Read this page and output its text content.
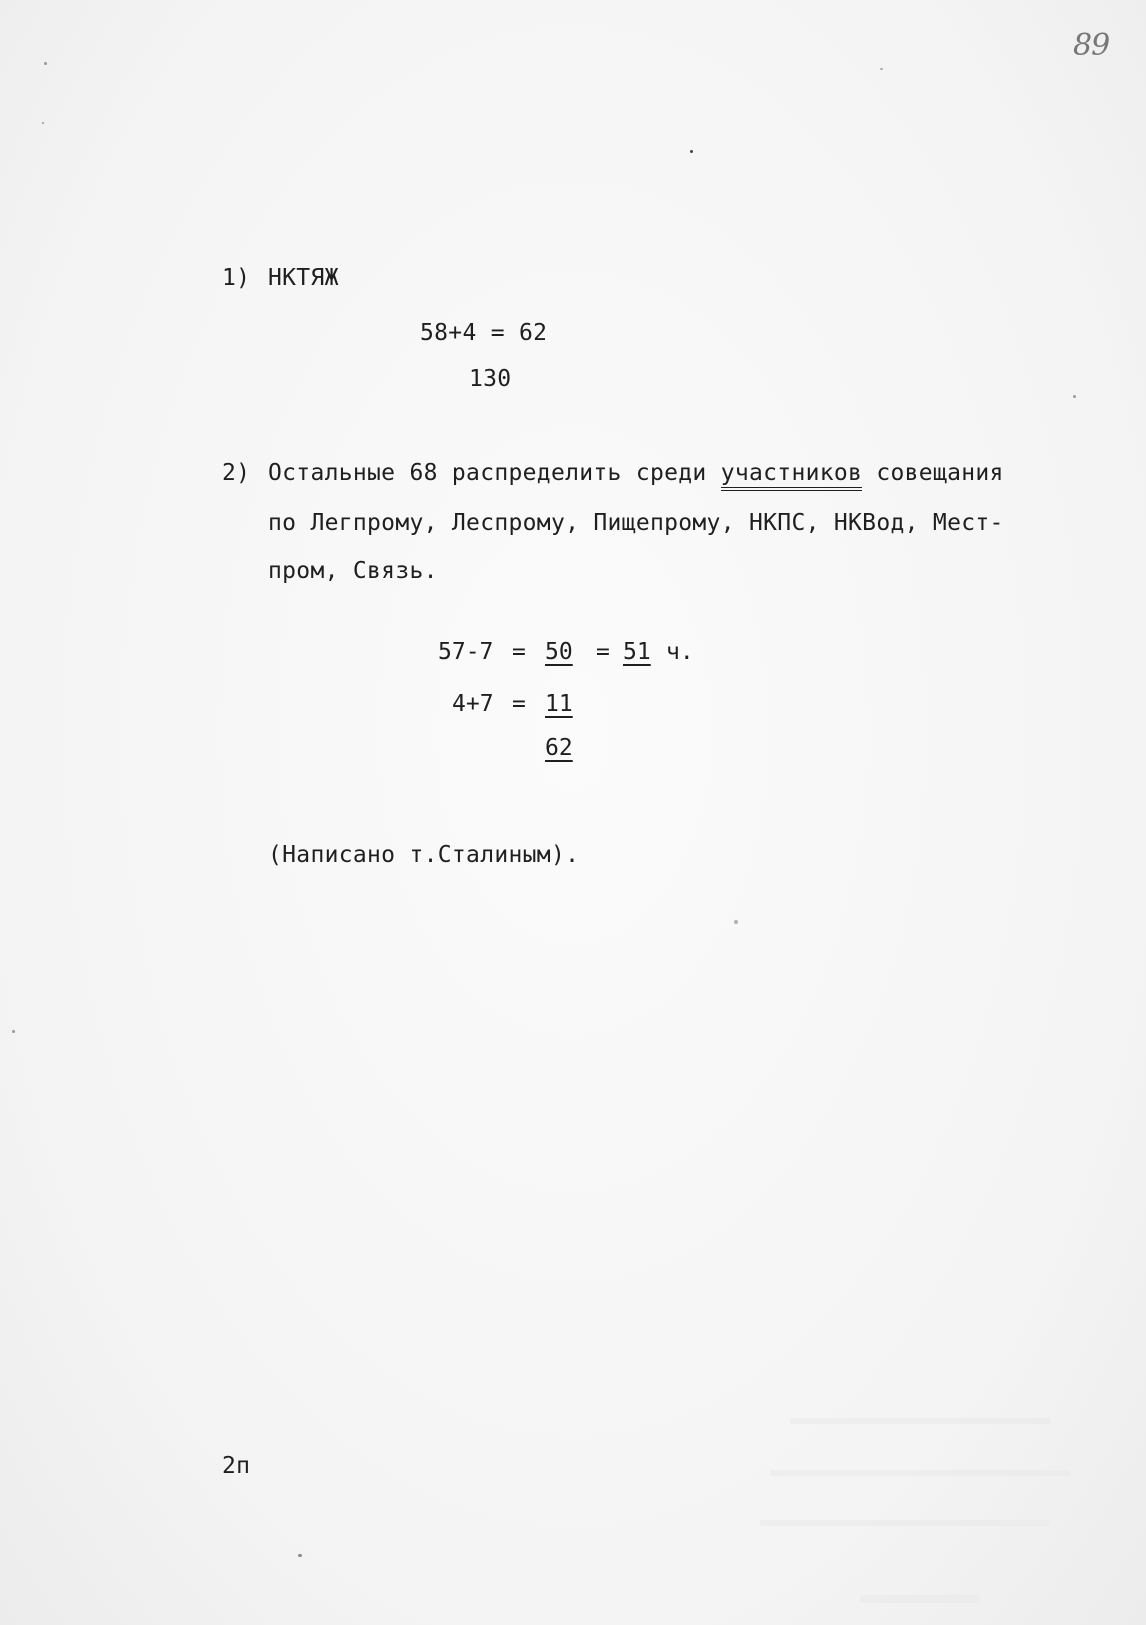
89
1) НКТЯЖ
58+4 = 62
130
2) Остальные 68 распределить среди участников совещания
по Легпрому, Леспрому, Пищепрому, НКПС, НКВод, Мест-
пром, Связь.
57-7 = 50 = 51 ч.
4+7 = 11
62
(Написано т.Сталиным).
2п
